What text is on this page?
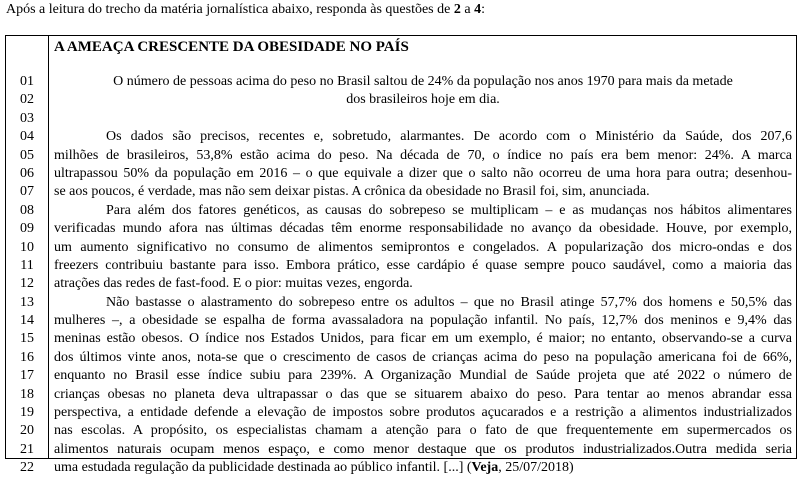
Após a leitura do trecho da matéria jornalística abaixo, responda às questões de 2 a 4:
A AMEAÇA CRESCENTE DA OBESIDADE NO PAÍS
01
02
03
04
05
06
07
08
09
10
11
12
13
14
15
16
17
18
19
20
21
22
O número de pessoas acima do peso no Brasil saltou de 24% da população nos anos 1970 para mais da metade
dos brasileiros hoje em dia.
Os dados são precisos, recentes e, sobretudo, alarmantes. De acordo com o Ministério da Saúde, dos 207,6
milhões de brasileiros, 53,8% estão acima do peso. Na década de 70, o índice no país era bem menor: 24%. A marca
ultrapassou 50% da população em 2016 – o que equivale a dizer que o salto não ocorreu de uma hora para outra; desenhou-
se aos poucos, é verdade, mas não sem deixar pistas. A crônica da obesidade no Brasil foi, sim, anunciada.
Para além dos fatores genéticos, as causas do sobrepeso se multiplicam – e as mudanças nos hábitos alimentares
verificadas mundo afora nas últimas décadas têm enorme responsabilidade no avanço da obesidade. Houve, por exemplo,
um aumento significativo no consumo de alimentos semiprontos e congelados. A popularização dos micro-ondas e dos
freezers contribuiu bastante para isso. Embora prático, esse cardápio é quase sempre pouco saudável, como a maioria das
atrações das redes de fast-food. E o pior: muitas vezes, engorda.
Não bastasse o alastramento do sobrepeso entre os adultos – que no Brasil atinge 57,7% dos homens e 50,5% das
mulheres –, a obesidade se espalha de forma avassaladora na população infantil. No país, 12,7% dos meninos e 9,4% das
meninas estão obesos. O índice nos Estados Unidos, para ficar em um exemplo, é maior; no entanto, observando-se a curva
dos últimos vinte anos, nota-se que o crescimento de casos de crianças acima do peso na população americana foi de 66%,
enquanto no Brasil esse índice subiu para 239%. A Organização Mundial de Saúde projeta que até 2022 o número de
crianças obesas no planeta deva ultrapassar o das que se situarem abaixo do peso. Para tentar ao menos abrandar essa
perspectiva, a entidade defende a elevação de impostos sobre produtos açucarados e a restrição a alimentos industrializados
nas escolas. A propósito, os especialistas chamam a atenção para o fato de que frequentemente em supermercados os
alimentos naturais ocupam menos espaço, e como menor destaque que os produtos industrializados.Outra medida seria
uma estudada regulação da publicidade destinada ao público infantil. [...] (Veja, 25/07/2018)
